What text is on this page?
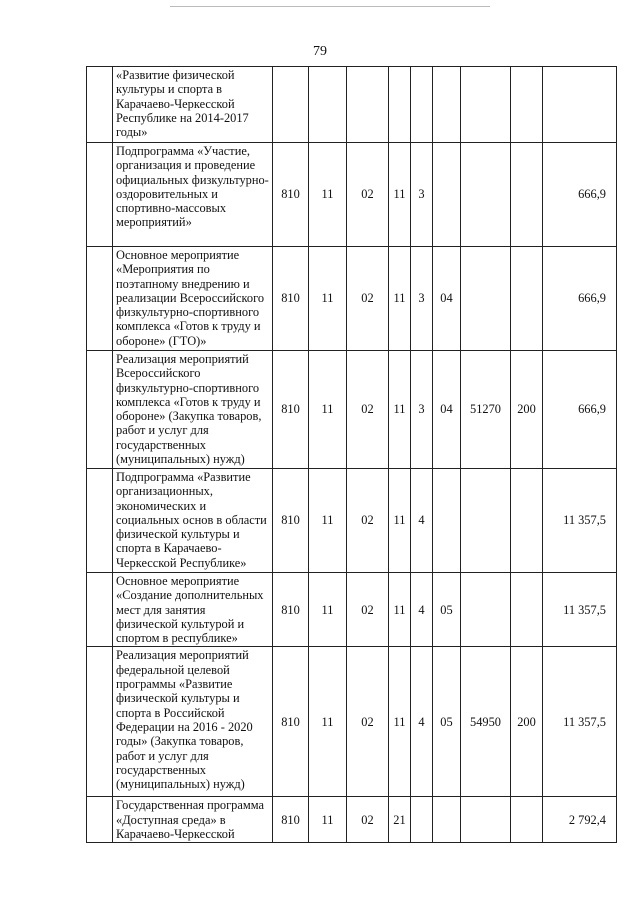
79
	«Развитие физической культуры и спорта в Карачаево-Черкесской Республике на 2014-2017 годы»									
	Подпрограмма «Участие, организация и проведение официальных физкультурно-оздоровительных и спортивно-массовых мероприятий»	810	11	02	11	3				666,9
	Основное мероприятие «Мероприятия по поэтапному внедрению и реализации Всероссийского физкультурно-спортивного комплекса «Готов к труду и обороне» (ГТО)»	810	11	02	11	3	04			666,9
	Реализация мероприятий Всероссийского физкультурно-спортивного комплекса «Готов к труду и обороне» (Закупка товаров, работ и услуг для государственных (муниципальных) нужд)	810	11	02	11	3	04	51270	200	666,9
	Подпрограмма «Развитие организационных, экономических и социальных основ в области физической культуры и спорта в Карачаево-Черкесской Республике»	810	11	02	11	4				11 357,5
	Основное мероприятие «Создание дополнительных мест для занятия физической культурой и спортом в республике»	810	11	02	11	4	05			11 357,5
	Реализация мероприятий федеральной целевой программы «Развитие физической культуры и спорта в Российской Федерации на 2016 - 2020 годы» (Закупка товаров, работ и услуг для государственных (муниципальных) нужд)	810	11	02	11	4	05	54950	200	11 357,5
	Государственная программа «Доступная среда» в Карачаево-Черкесской	810	11	02	21					2 792,4
